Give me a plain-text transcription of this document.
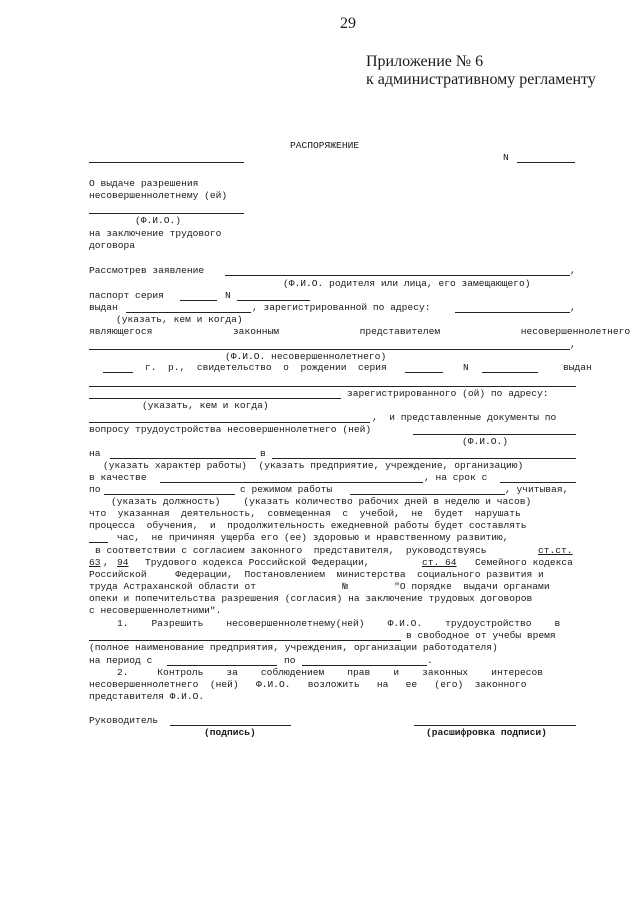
29
Приложение № 6
к административному регламенту
РАСПОРЯЖЕНИЕ
N
О выдаче разрешения
несовершеннолетнему (ей)
(Ф.И.О.)
на заключение трудового
договора
Рассмотрев заявление	,
(Ф.И.О. родителя или лица, его замещающего)
паспорт серия	N
выдан	, зарегистрированной по адресу:	,
(указать, кем и когда)
являющегося              законным              представителем              несовершеннолетнего
,
(Ф.И.О. несовершеннолетнего)
г.  р.,  свидетельство  о  рождении  серия	N	выдан
зарегистрированного (ой) по адресу:
(указать, кем и когда)
,  и представленные документы по
вопросу трудоустройства несовершеннолетнего (ней)
(Ф.И.О.)
на	в
(указать характер работы)  (указать предприятие, учреждение, организацию)
в качестве	, на срок с
по	с режимом работы	, учитывая,
(указать должность)    (указать количество рабочих дней в неделю и часов)
что  указанная  деятельность,  совмещенная  с  учебой,  не  будет  нарушать
процесса  обучения,  и  продолжительность ежедневной работы будет составлять
час,  не причиняя ущерба его (ее) здоровью и нравственному развитию,
в соответствии с согласием законного  представителя,  руководствуясь	ст.ст.
63 , 94 Трудового кодекса Российской Федерации,	ст. 64 Семейного кодекса
Российской     Федерации,  Постановлением  министерства  социального развития и
труда Астраханской области от               №        "О порядке  выдачи органами
опеки и попечительства разрешения (согласия) на заключение трудовых договоров
с несовершеннолетними".
1.    Разрешить    несовершеннолетнему(ней)    Ф.И.О.    трудоустройство    в
в свободное от учебы время
(полное наименование предприятия, учреждения, организации работодателя)
на период с	по	.
2.     Контроль    за    соблюдением    прав    и    законных    интересов
несовершеннолетнего  (ней)   Ф.И.О.   возложить   на   ее   (его)  законного
представителя Ф.И.О.
Руководитель
(подпись)	(расшифровка подписи)
